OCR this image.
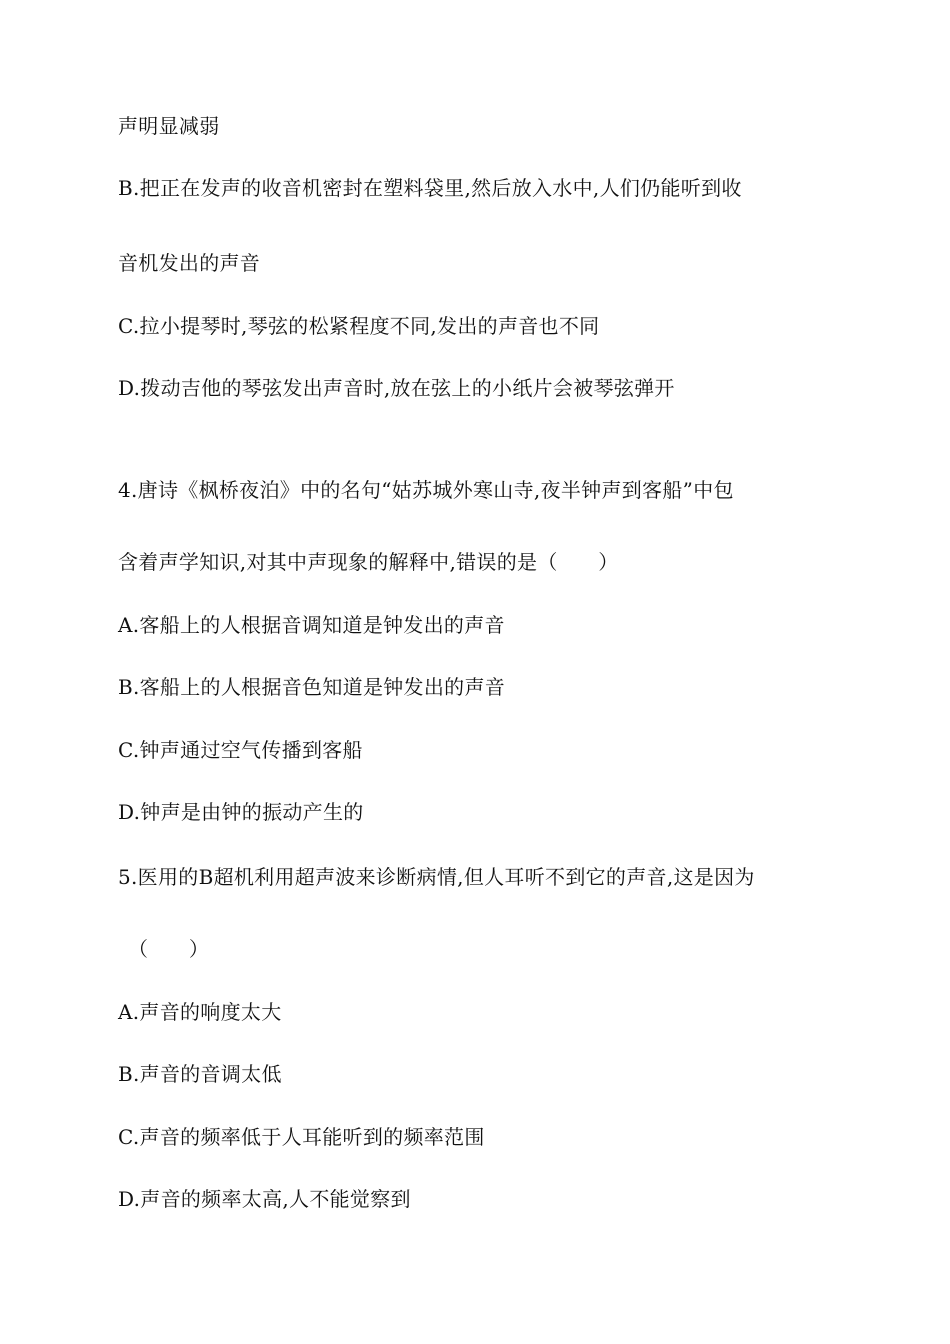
声明显减弱
B.把正在发声的收音机密封在塑料袋里,然后放入水中,人们仍能听到收
音机发出的声音
C.拉小提琴时,琴弦的松紧程度不同,发出的声音也不同
D.拨动吉他的琴弦发出声音时,放在弦上的小纸片会被琴弦弹开
4.唐诗《枫桥夜泊》中的名句“姑苏城外寒山寺,夜半钟声到客船”中包
含着声学知识,对其中声现象的解释中,错误的是（　　）
A.客船上的人根据音调知道是钟发出的声音
B.客船上的人根据音色知道是钟发出的声音
C.钟声通过空气传播到客船
D.钟声是由钟的振动产生的
5.医用的B超机利用超声波来诊断病情,但人耳听不到它的声音,这是因为
（　　）
A.声音的响度太大
B.声音的音调太低
C.声音的频率低于人耳能听到的频率范围
D.声音的频率太高,人不能觉察到
